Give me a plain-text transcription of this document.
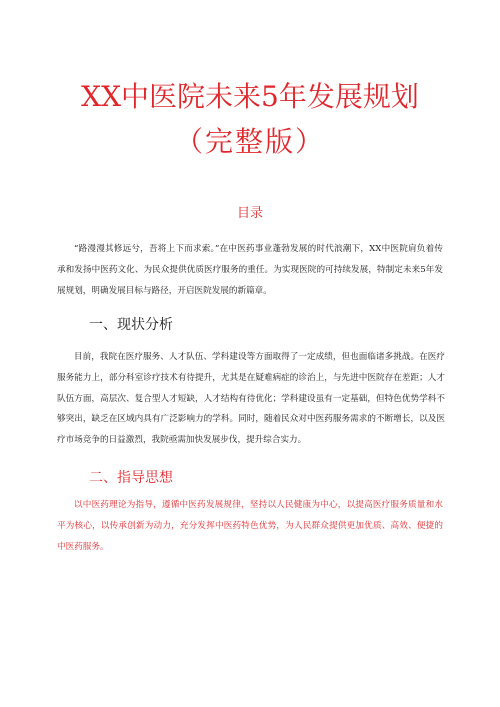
XX中医院未来5年发展规划
（完整版）
目录
“路漫漫其修远兮，吾将上下而求索。”在中医药事业蓬勃发展的时代浪潮下，XX中医院肩负着传承和发扬中医药文化、为民众提供优质医疗服务的重任。为实现医院的可持续发展，特制定未来5年发展规划，明确发展目标与路径，开启医院发展的新篇章。
一、现状分析
目前，我院在医疗服务、人才队伍、学科建设等方面取得了一定成绩，但也面临诸多挑战。在医疗服务能力上，部分科室诊疗技术有待提升，尤其是在疑难病症的诊治上，与先进中医院存在差距；人才队伍方面，高层次、复合型人才短缺，人才结构有待优化；学科建设虽有一定基础，但特色优势学科不够突出，缺乏在区域内具有广泛影响力的学科。同时，随着民众对中医药服务需求的不断增长，以及医疗市场竞争的日益激烈，我院亟需加快发展步伐，提升综合实力。
二、指导思想
以中医药理论为指导，遵循中医药发展规律，坚持以人民健康为中心，以提高医疗服务质量和水平为核心，以传承创新为动力，充分发挥中医药特色优势，为人民群众提供更加优质、高效、便捷的中医药服务。
